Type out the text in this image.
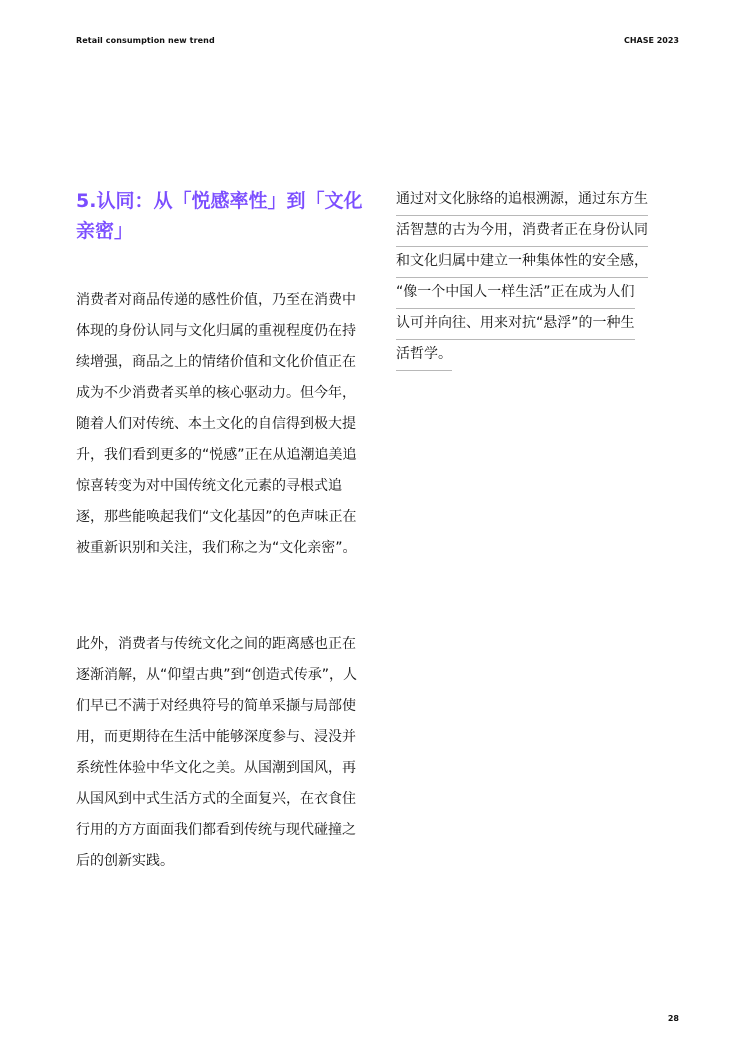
Retail consumption new trend	CHASE 2023
5.认同：从「悦感率性」到「文化亲密」
消费者对商品传递的感性价值，乃至在消费中体现的身份认同与文化归属的重视程度仍在持续增强，商品之上的情绪价值和文化价值正在成为不少消费者买单的核心驱动力。但今年，随着人们对传统、本土文化的自信得到极大提升，我们看到更多的“悦感”正在从追潮追美追惊喜转变为对中国传统文化元素的寻根式追逐，那些能唤起我们“文化基因”的色声味正在被重新识别和关注，我们称之为“文化亲密”。
此外，消费者与传统文化之间的距离感也正在逐渐消解，从“仰望古典”到“创造式传承”，人们早已不满于对经典符号的简单采撷与局部使用，而更期待在生活中能够深度参与、浸没并系统性体验中华文化之美。从国潮到国风，再从国风到中式生活方式的全面复兴，在衣食住行用的方方面面我们都看到传统与现代碰撞之后的创新实践。
通过对文化脉络的追根溯源，通过东方生
活智慧的古为今用，消费者正在身份认同
和文化归属中建立一种集体性的安全感，
“像一个中国人一样生活”正在成为人们
认可并向往、用来对抗“悬浮”的一种生
活哲学。
28
